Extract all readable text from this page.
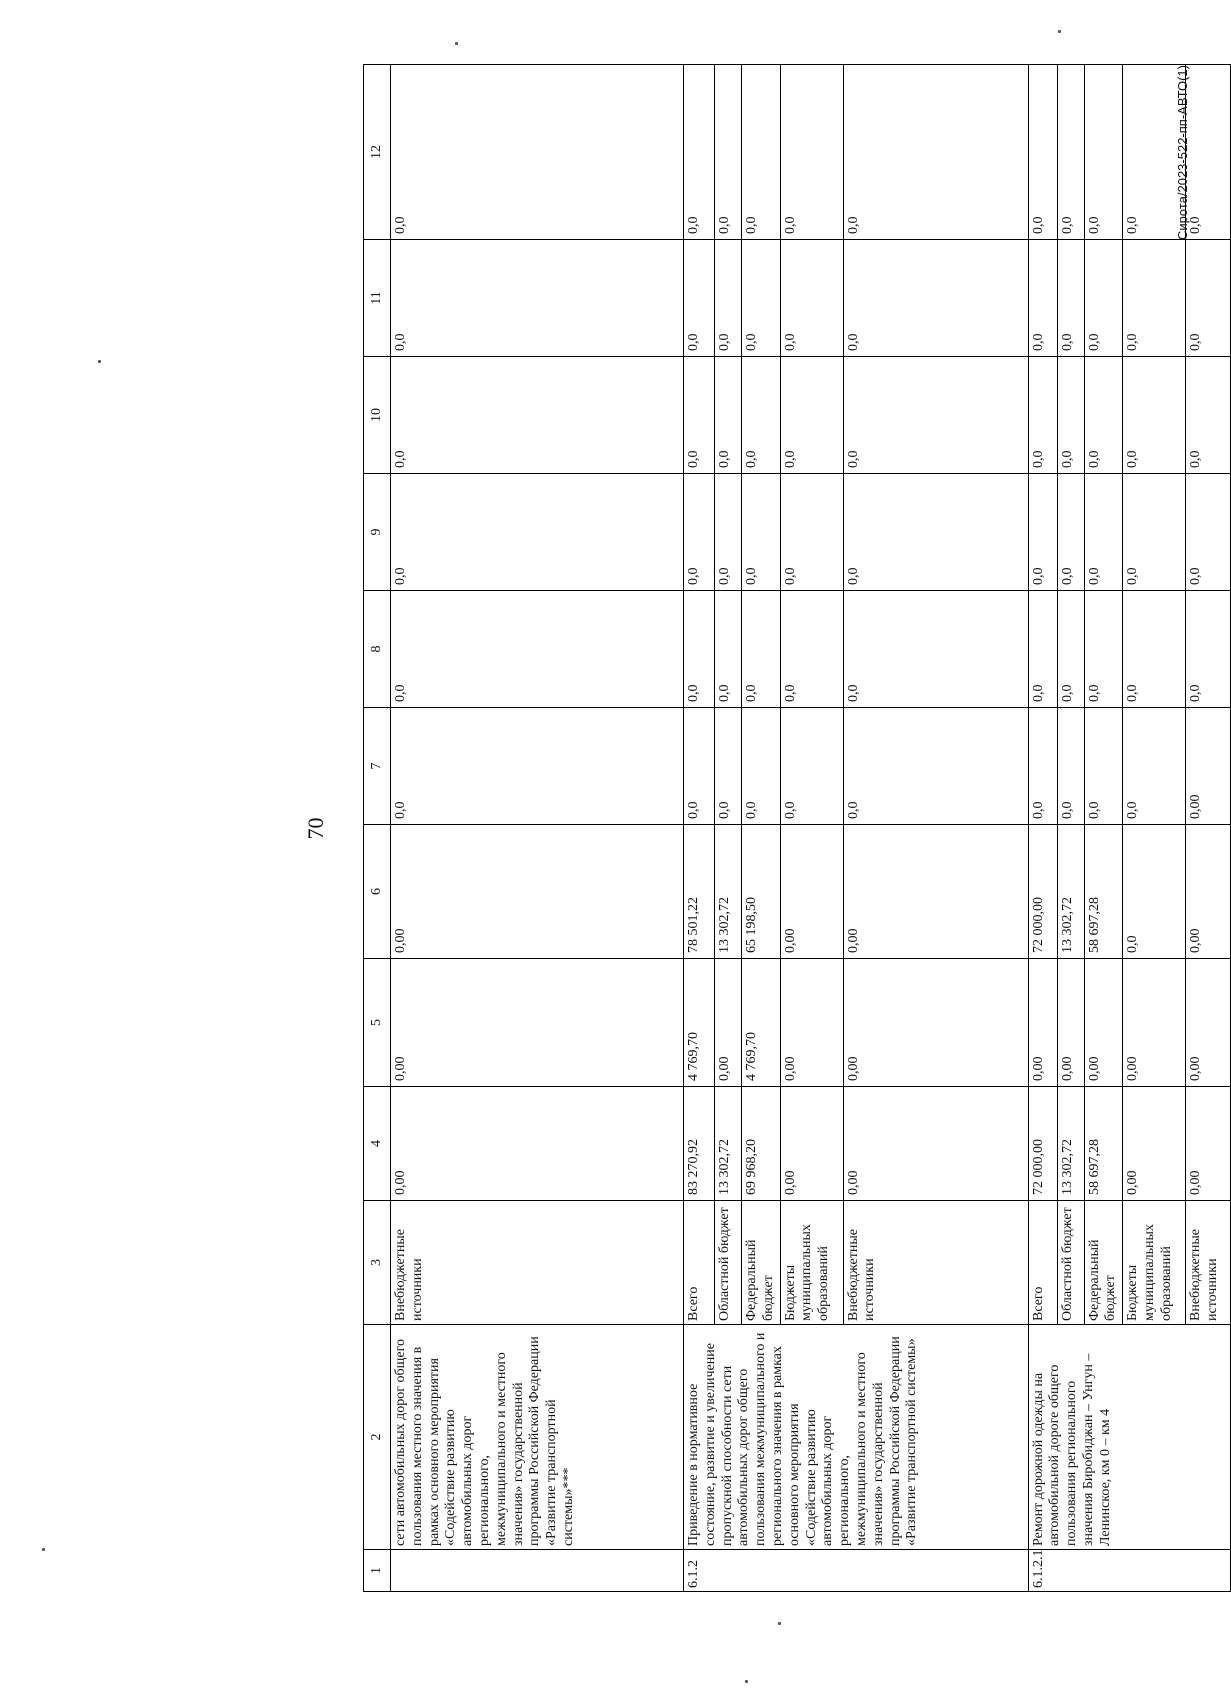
70
1	2	3	4	5	6	7	8	9	10	11	12
	сети автомобильных дорог общего пользования местного значения в рамках основного мероприятия «Содействие развитию автомобильных дорог регионального, межмуниципального и местного значения» государственной программы Российской Федерации «Развитие транспортной системы»***	Внебюджетные источники	0,00	0,00	0,00	0,0	0,0	0,0	0,0	0,0	0,0
6.1.2	Приведение в нормативное состояние, развитие и увеличение пропускной способности сети автомобильных дорог общего пользования межмуниципального и регионального значения в рамках основного мероприятия «Содействие развитию автомобильных дорог регионального, межмуниципального и местного значения» государственной программы Российской Федерации «Развитие транспортной системы»	Всего	83 270,92	4 769,70	78 501,22	0,0	0,0	0,0	0,0	0,0	0,0
		Областной бюджет	13 302,72	0,00	13 302,72	0,0	0,0	0,0	0,0	0,0	0,0
		Федеральный бюджет	69 968,20	4 769,70	65 198,50	0,0	0,0	0,0	0,0	0,0	0,0
		Бюджеты муниципальных образований	0,00	0,00	0,00	0,0	0,0	0,0	0,0	0,0	0,0
		Внебюджетные источники	0,00	0,00	0,00	0,0	0,0	0,0	0,0	0,0	0,0
6.1.2.1	Ремонт дорожной одежды на автомобильной дороге общего пользования регионального значения Биробиджан – Унгун – Ленинское, км 0 – км 4	Всего	72 000,00	0,00	72 000,00	0,0	0,0	0,0	0,0	0,0	0,0
		Областной бюджет	13 302,72	0,00	13 302,72	0,0	0,0	0,0	0,0	0,0	0,0
		Федеральный бюджет	58 697,28	0,00	58 697,28	0,0	0,0	0,0	0,0	0,0	0,0
		Бюджеты муниципальных образований	0,00	0,00	0,0	0,0	0,0	0,0	0,0	0,0	0,0
		Внебюджетные источники	0,00	0,00	0,00	0,00	0,0	0,0	0,0	0,0	0,0
Сирота/2023-522-пп-АВТО(1)
